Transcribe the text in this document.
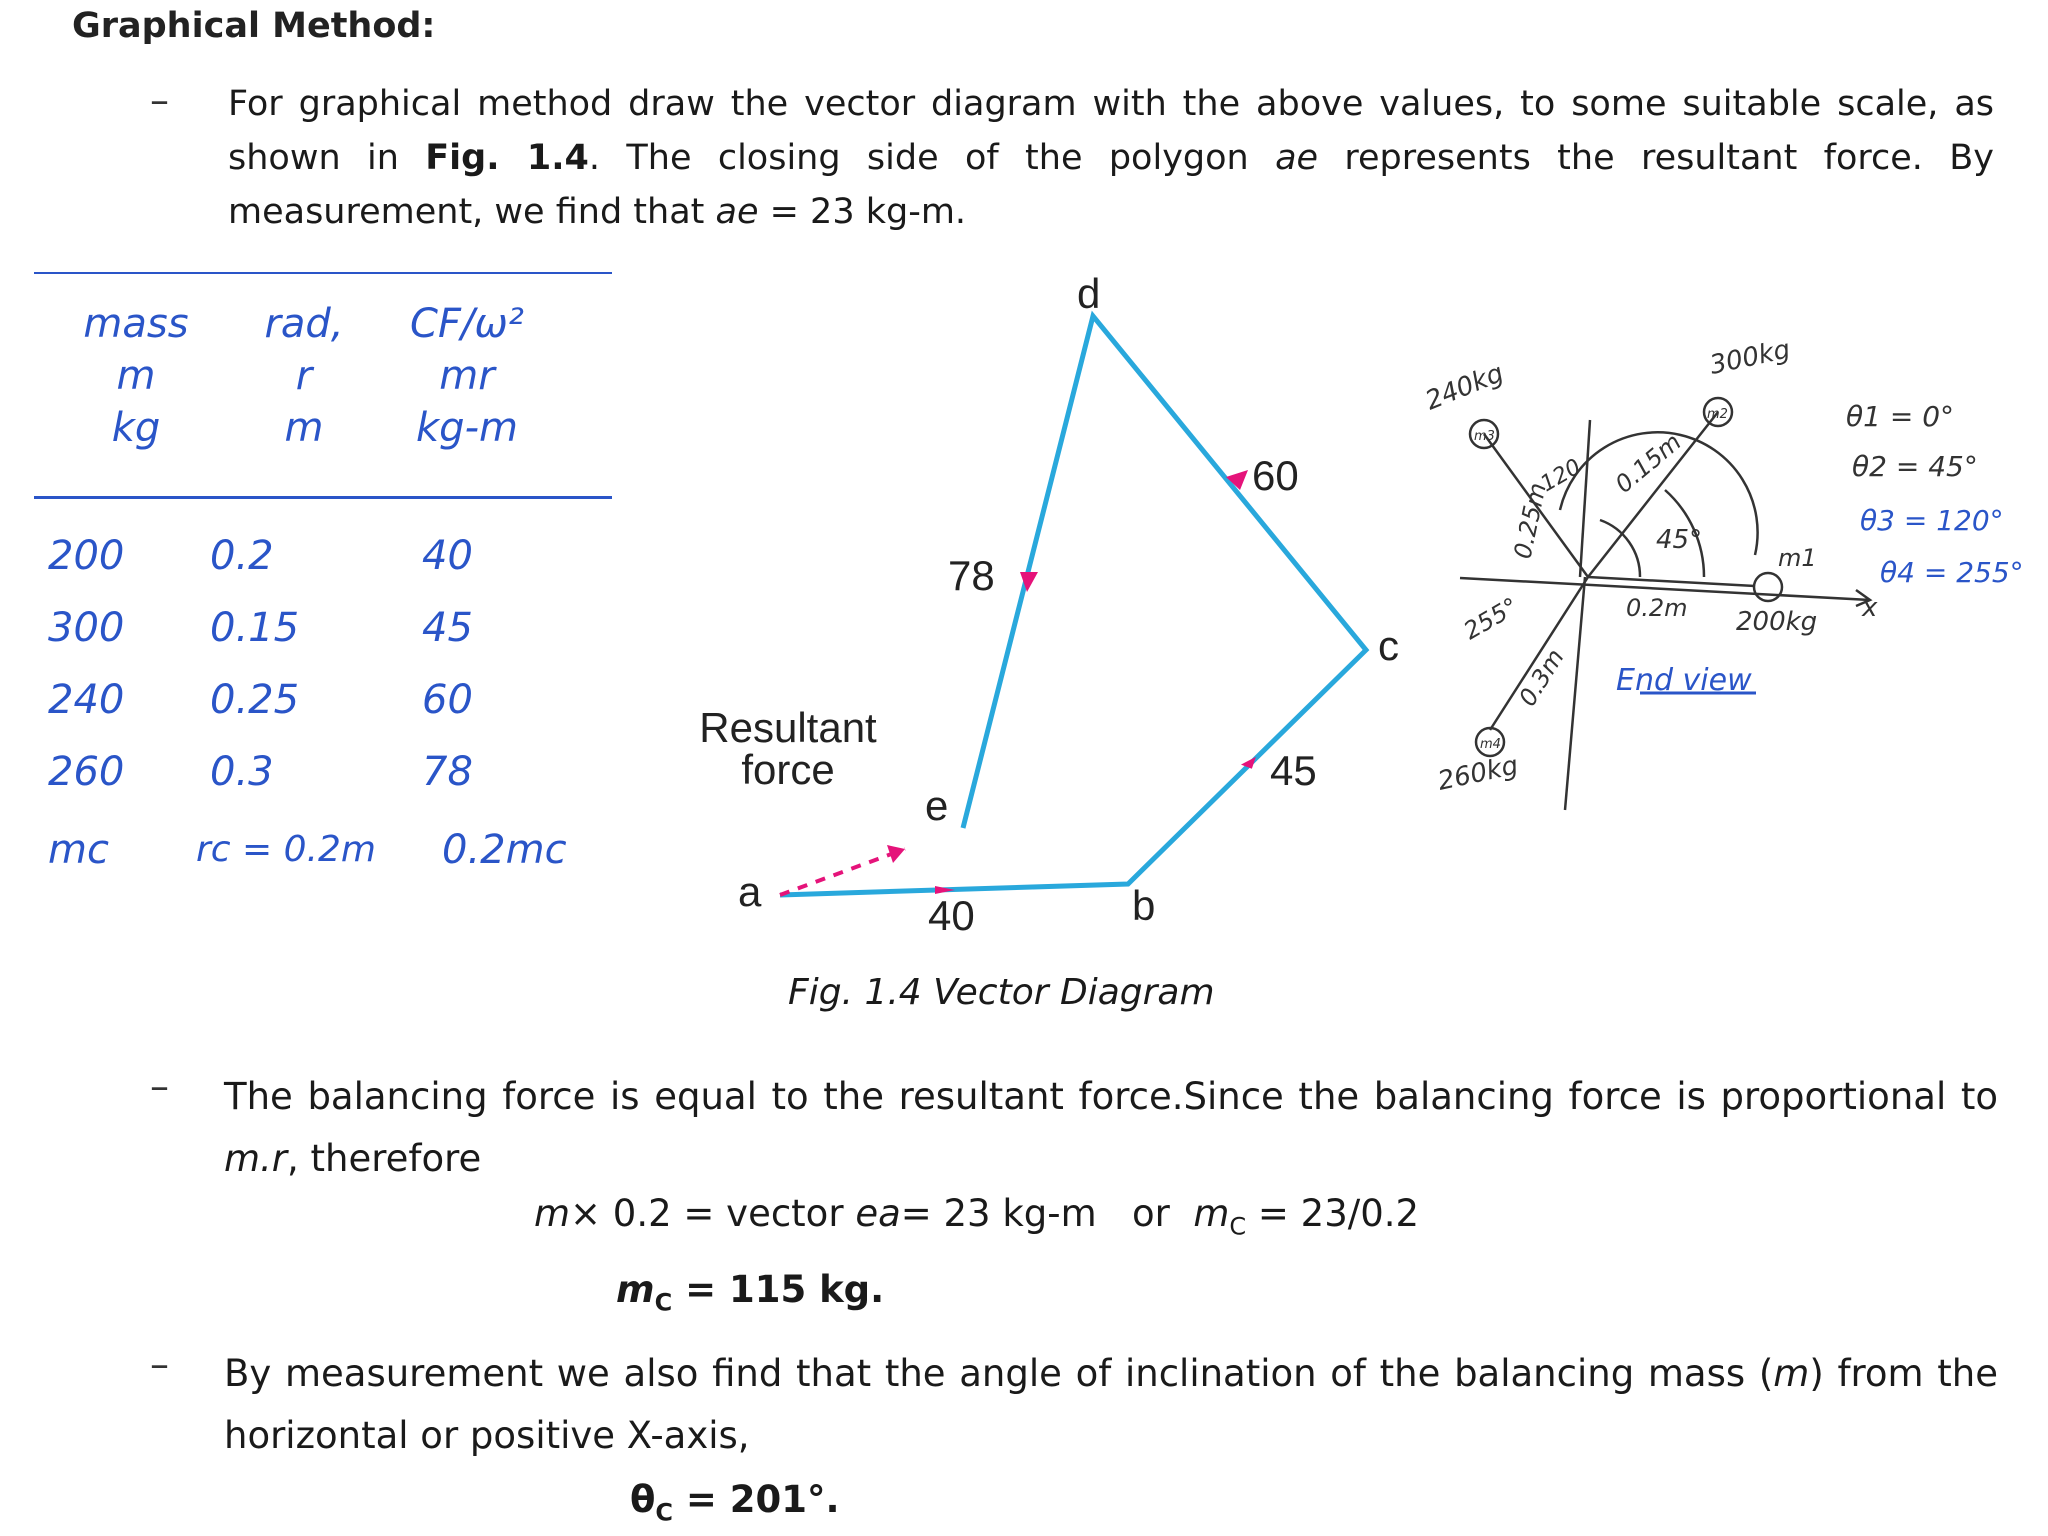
Graphical Method:
– For graphical method draw the vector diagram with the above values, to some suitable scale, as shown in Fig. 1.4. The closing side of the polygon ae represents the resultant force. By measurement, we find that ae = 23 kg-m.
mass
m
kg
rad,
r
m
CF/ω²
mr
kg-m
200
300
240
260
mc
0.2
0.15
0.25
0.3
rc = 0.2m
40
45
60
78
0.2mc
d
c
b
a
e
40
45
60
78
Resultant
force
300kg
240kg
200kg
260kg
m2
m3
m1
m4
0.15m
0.25m
0.2m
0.3m
120
45°
255°	x
End view
θ1 = 0°
θ2 = 45°
θ3 = 120°
θ4 = 255°
Fig. 1.4 Vector Diagram
– The balancing force is equal to the resultant force.Since the balancing force is proportional to m.r, therefore
m× 0.2 = vector ea= 23 kg-m   or  $m_C = 23/0.2$
$m_C = 115$ kg.
– By measurement we also find that the angle of inclination of the balancing mass (m) from the horizontal or positive X-axis,
$\theta_C = 201^\circ$.
